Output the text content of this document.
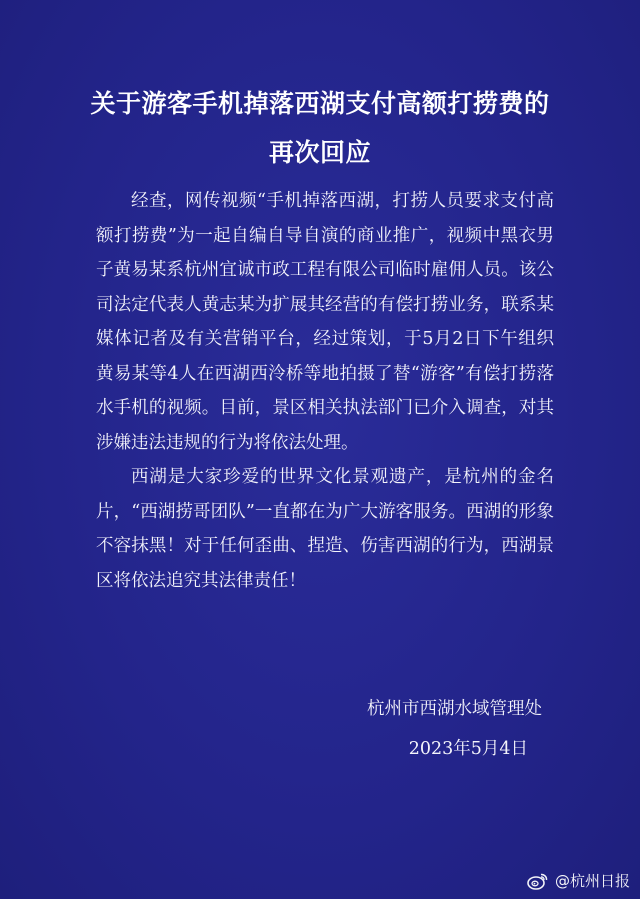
关于游客手机掉落西湖支付高额打捞费的
再次回应

经查，网传视频“手机掉落西湖，打捞人员要求支付高额打捞费”为一起自编自导自演的商业推广，视频中黑衣男子黄易某系杭州宜诚市政工程有限公司临时雇佣人员。该公司法定代表人黄志某为扩展其经营的有偿打捞业务，联系某媒体记者及有关营销平台，经过策划，于5月2日下午组织黄易某等4人在西湖西泠桥等地拍摄了替“游客”有偿打捞落水手机的视频。目前，景区相关执法部门已介入调查，对其涉嫌违法违规的行为将依法处理。

西湖是大家珍爱的世界文化景观遗产，是杭州的金名片，“西湖捞哥团队”一直都在为广大游客服务。西湖的形象不容抹黑！对于任何歪曲、捏造、伤害西湖的行为，西湖景区将依法追究其法律责任！

杭州市西湖水域管理处
2023年5月4日
@杭州日报
